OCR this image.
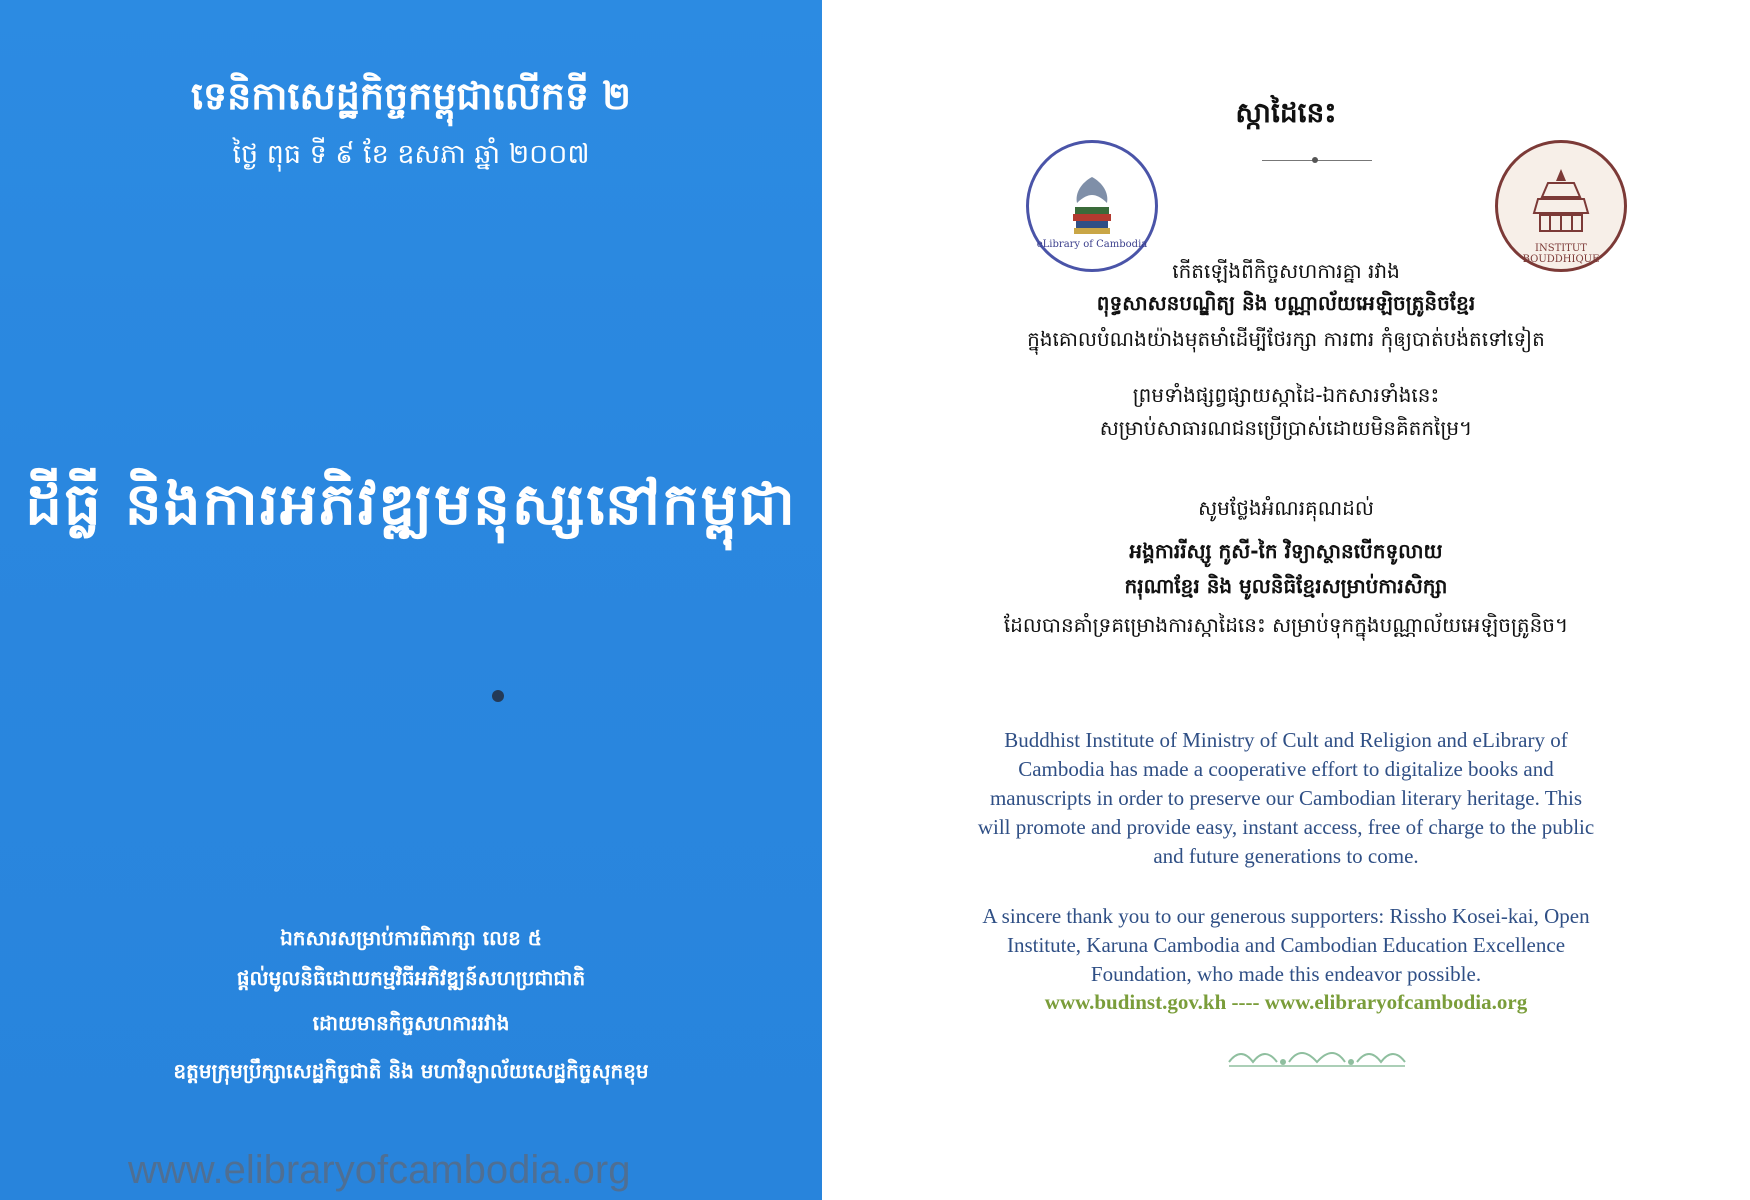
ទេនិកាសេដ្ឋកិច្ចកម្ពុជាលើកទី ២
ថ្ងៃ ពុធ ទី ៩ ខែ ឧសភា ឆ្នាំ ២០០៧
ដីធ្លី និងការអភិវឌ្ឍមនុស្សនៅកម្ពុជា
ឯកសារសម្រាប់ការពិភាក្សា លេខ ៥
ផ្តល់មូលនិធិដោយកម្មវិធីអភិវឌ្ឍន៍សហប្រជាជាតិ
ដោយមានកិច្ចសហការរវាង
ឧត្តមក្រុមប្រឹក្សាសេដ្ឋកិច្ចជាតិ និង មហាវិទ្យាល័យសេដ្ឋកិច្ចសុកខុម
www.elibraryofcambodia.org
ស្កាដៃនេះ
eLibrary of Cambodia	INSTITUT BOUDDHIQUE
កើតឡើងពីកិច្ចសហការគ្នា រវាង
ពុទ្ធសាសនបណ្ឌិត្យ និង បណ្ណាល័យអេឡិចត្រូនិចខ្មែរ
ក្នុងគោលបំណងយ៉ាងមុតមាំដើម្បីថែរក្សា ការពារ កុំឲ្យបាត់បង់តទៅទៀត
ព្រមទាំងផ្សព្វផ្សាយស្កាដៃ-ឯកសារទាំងនេះ
សម្រាប់សាធារណជនប្រើប្រាស់ដោយមិនគិតកម្រៃ។
សូមថ្លែងអំណរគុណដល់
អង្គការរីស្សូ កូសី-កៃ វិទ្យាស្ថានបើកទូលាយ
ករុណាខ្មែរ និង មូលនិធិខ្មែរសម្រាប់ការសិក្សា
ដែលបានគាំទ្រគម្រោងការស្កាដៃនេះ សម្រាប់ទុកក្នុងបណ្ណាល័យអេឡិចត្រូនិច។
Buddhist Institute of Ministry of Cult and Religion and eLibrary of
Cambodia has made a cooperative effort to digitalize books and
manuscripts in order to preserve our Cambodian literary heritage. This
will promote and provide easy, instant access, free of charge to the public
and future generations to come.
A sincere thank you to our generous supporters: Rissho Kosei-kai, Open
Institute, Karuna Cambodia and Cambodian Education Excellence
Foundation, who made this endeavor possible.
www.budinst.gov.kh ---- www.elibraryofcambodia.org
